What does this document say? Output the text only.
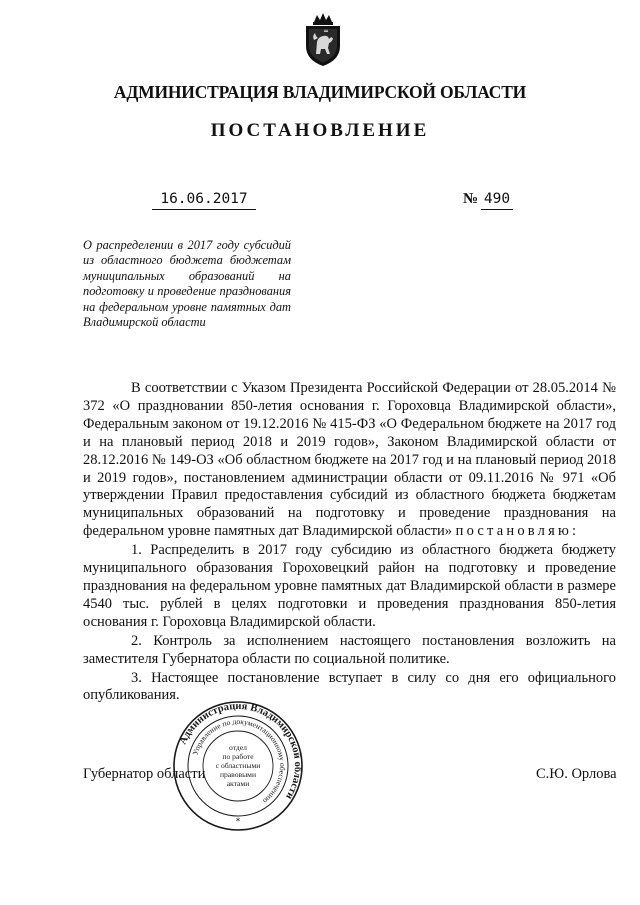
АДМИНИСТРАЦИЯ ВЛАДИМИРСКОЙ ОБЛАСТИ
ПОСТАНОВЛЕНИЕ
16.06.2017	№ 490
О распределении в 2017 году субсидий из областного бюджета бюджетам муниципальных образований на подготовку и проведение празднования на федеральном уровне памятных дат Владимирской области

В соответствии с Указом Президента Российской Федерации от 28.05.2014 № 372 «О праздновании 850-летия основания г. Гороховца Владимирской области», Федеральным законом от 19.12.2016 № 415-ФЗ «О Федеральном бюджете на 2017 год и на плановый период 2018 и 2019 годов», Законом Владимирской области от 28.12.2016 № 149-ОЗ «Об областном бюджете на 2017 год и на плановый период 2018 и 2019 годов», постановлением администрации области от 09.11.2016 № 971 «Об утверждении Правил предоставления субсидий из областного бюджета бюджетам муниципальных образований на подготовку и проведение празднования на федеральном уровне памятных дат Владимирской области» постановляю:

1. Распределить в 2017 году субсидию из областного бюджета бюджету муниципального образования Гороховецкий район на подготовку и проведение празднования на федеральном уровне памятных дат Владимирской области в размере 4540 тыс. рублей в целях подготовки и проведения празднования 850-летия основания г. Гороховца Владимирской области.

2. Контроль за исполнением настоящего постановления возложить на заместителя Губернатора области по социальной политике.

3. Настоящее постановление вступает в силу со дня его официального опубликования.

Губернатор области	С.Ю. Орлова
Администрация Владимирской области
Управление по документационному обеспечению
отдел
по работе
с областными
правовыми
актами
*
